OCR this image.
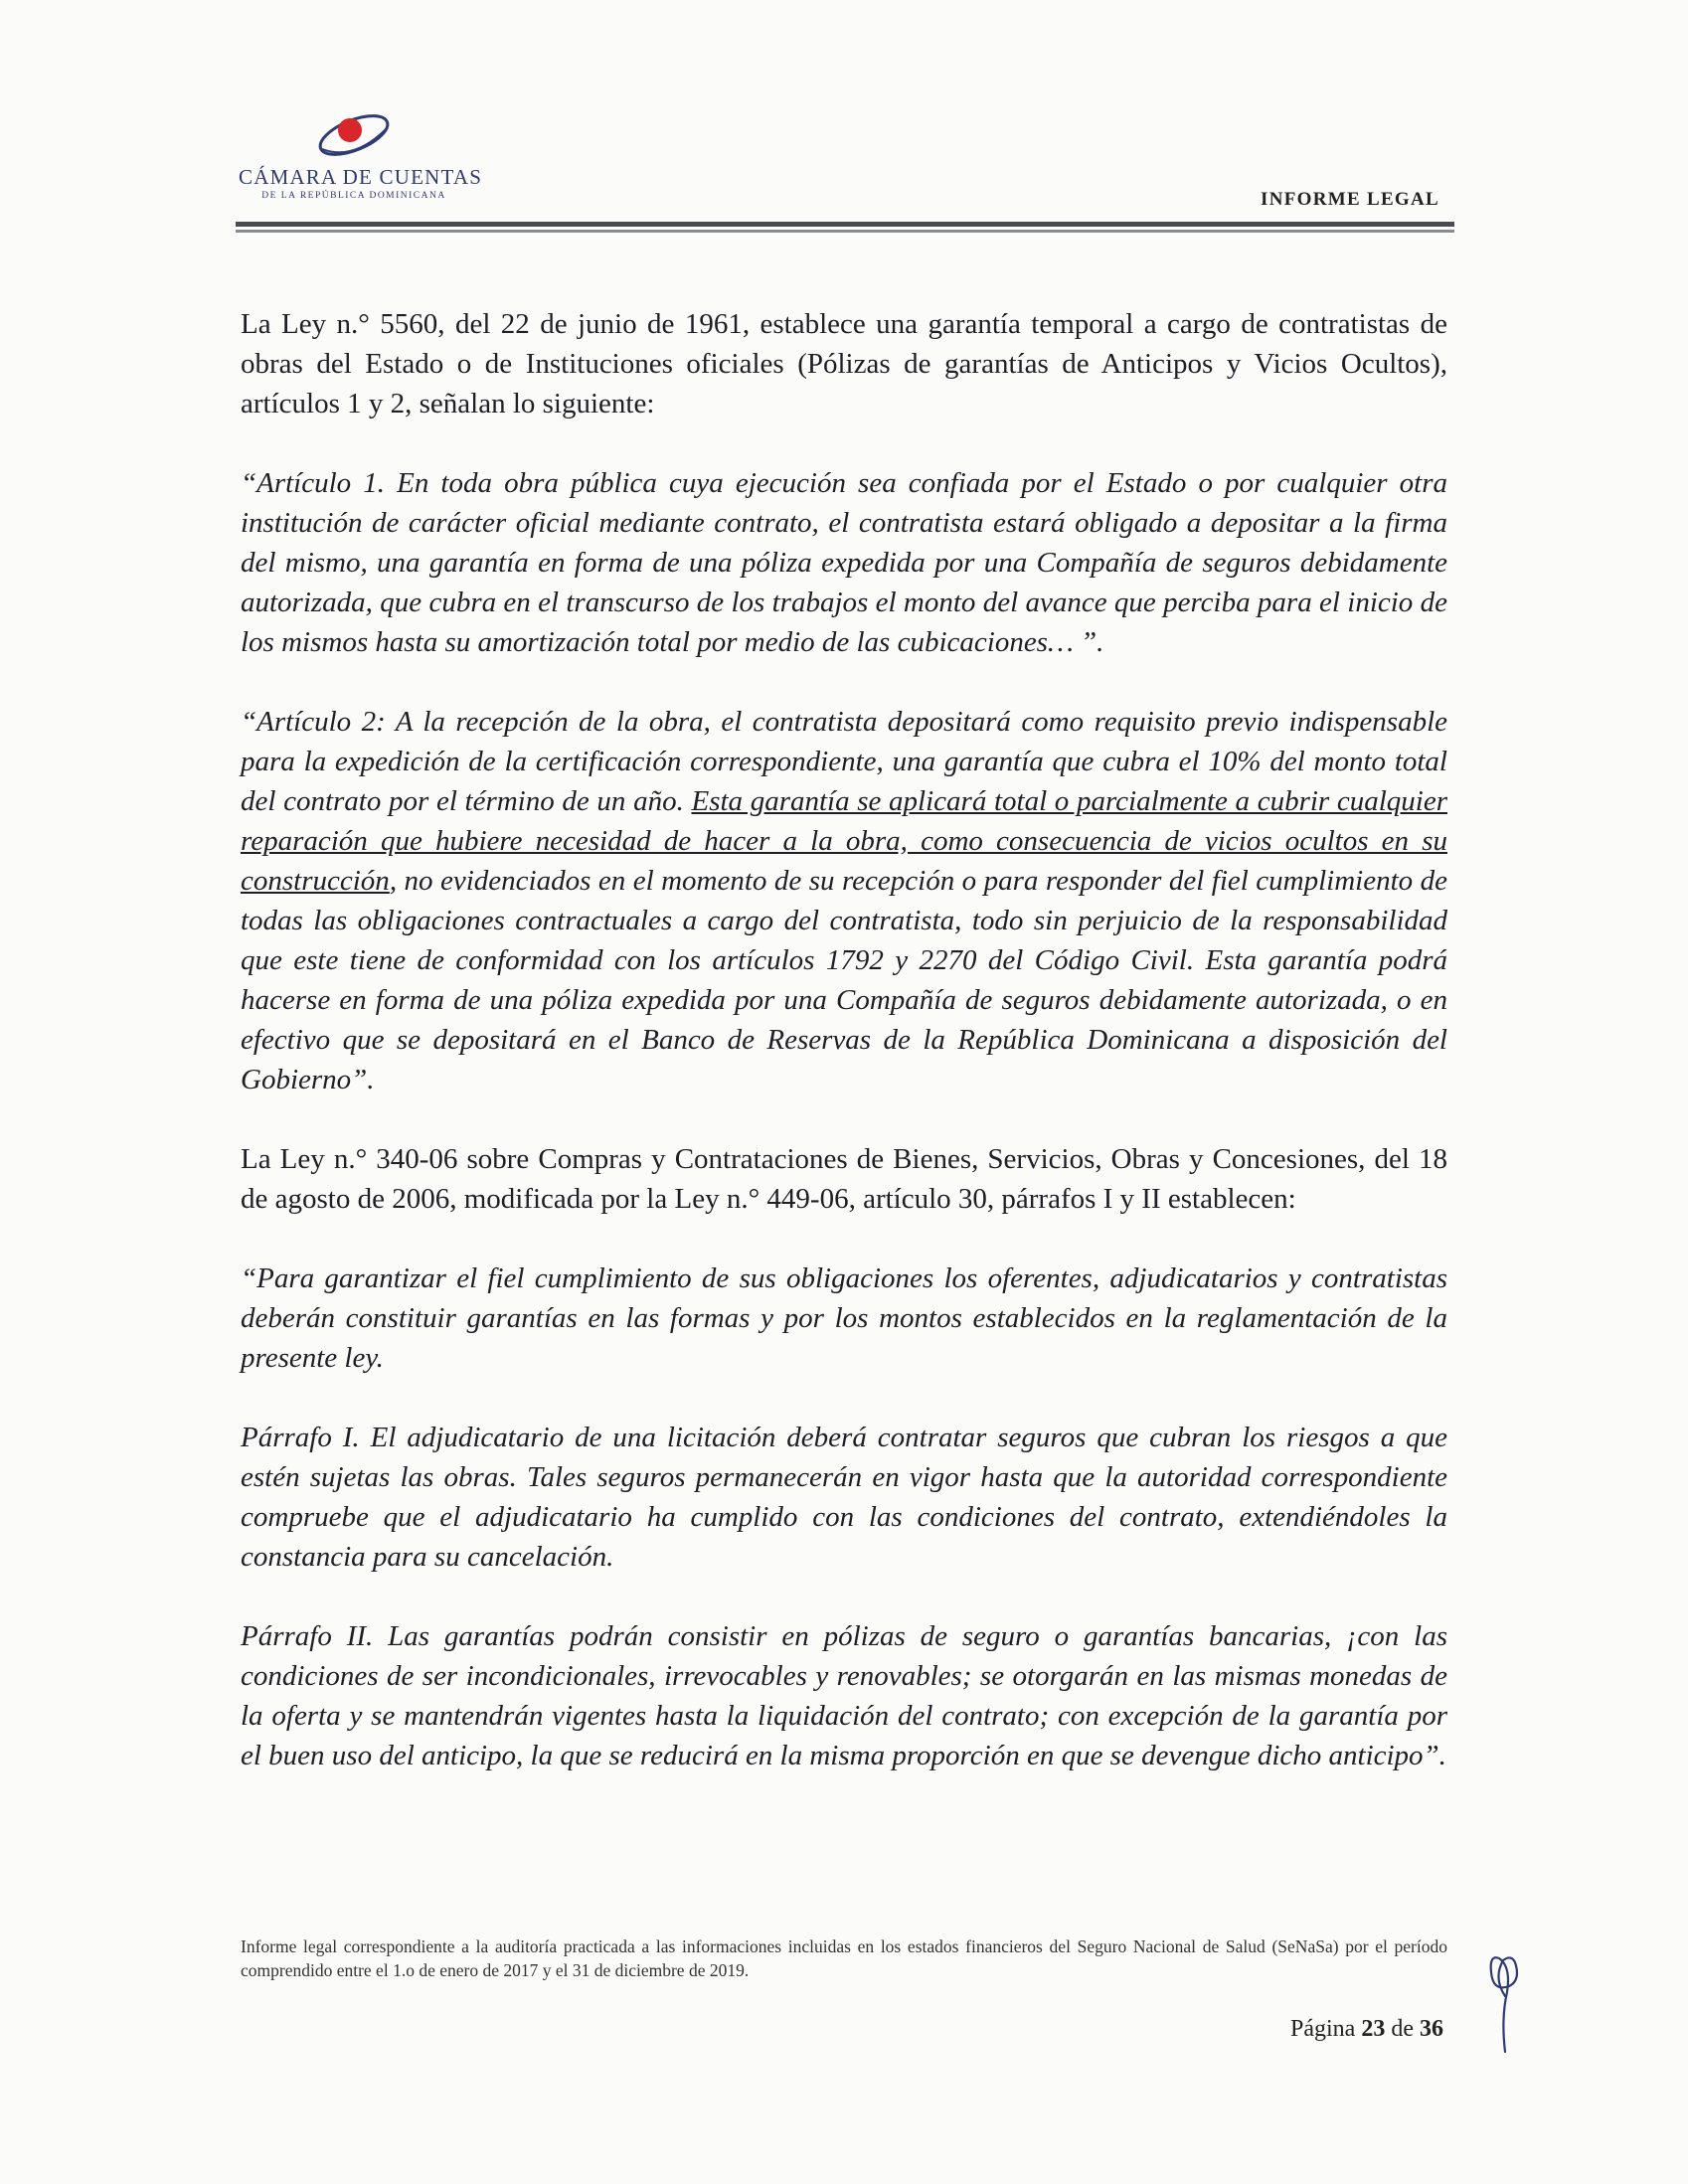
CÁMARA DE CUENTAS
DE LA REPÚBLICA DOMINICANA	INFORME LEGAL

La Ley n.° 5560, del 22 de junio de 1961, establece una garantía temporal a cargo de contratistas de obras del Estado o de Instituciones oficiales (Pólizas de garantías de Anticipos y Vicios Ocultos), artículos 1 y 2, señalan lo siguiente:

“Artículo 1. En toda obra pública cuya ejecución sea confiada por el Estado o por cualquier otra institución de carácter oficial mediante contrato, el contratista estará obligado a depositar a la firma del mismo, una garantía en forma de una póliza expedida por una Compañía de seguros debidamente autorizada, que cubra en el transcurso de los trabajos el monto del avance que perciba para el inicio de los mismos hasta su amortización total por medio de las cubicaciones… ”.

“Artículo 2: A la recepción de la obra, el contratista depositará como requisito previo indispensable para la expedición de la certificación correspondiente, una garantía que cubra el 10% del monto total del contrato por el término de un año. Esta garantía se aplicará total o parcialmente a cubrir cualquier reparación que hubiere necesidad de hacer a la obra, como consecuencia de vicios ocultos en su construcción, no evidenciados en el momento de su recepción o para responder del fiel cumplimiento de todas las obligaciones contractuales a cargo del contratista, todo sin perjuicio de la responsabilidad que este tiene de conformidad con los artículos 1792 y 2270 del Código Civil. Esta garantía podrá hacerse en forma de una póliza expedida por una Compañía de seguros debidamente autorizada, o en efectivo que se depositará en el Banco de Reservas de la República Dominicana a disposición del Gobierno”.

La Ley n.° 340-06 sobre Compras y Contrataciones de Bienes, Servicios, Obras y Concesiones, del 18 de agosto de 2006, modificada por la Ley n.° 449-06, artículo 30, párrafos I y II establecen:

“Para garantizar el fiel cumplimiento de sus obligaciones los oferentes, adjudicatarios y contratistas deberán constituir garantías en las formas y por los montos establecidos en la reglamentación de la presente ley.

Párrafo I. El adjudicatario de una licitación deberá contratar seguros que cubran los riesgos a que estén sujetas las obras. Tales seguros permanecerán en vigor hasta que la autoridad correspondiente compruebe que el adjudicatario ha cumplido con las condiciones del contrato, extendiéndoles la constancia para su cancelación.

Párrafo II. Las garantías podrán consistir en pólizas de seguro o garantías bancarias, ¡con las condiciones de ser incondicionales, irrevocables y renovables; se otorgarán en las mismas monedas de la oferta y se mantendrán vigentes hasta la liquidación del contrato; con excepción de la garantía por el buen uso del anticipo, la que se reducirá en la misma proporción en que se devengue dicho anticipo”.

Informe legal correspondiente a la auditoría practicada a las informaciones incluidas en los estados financieros del Seguro Nacional de Salud (SeNaSa) por el período comprendido entre el 1.o de enero de 2017 y el 31 de diciembre de 2019.
Página 23 de 36
